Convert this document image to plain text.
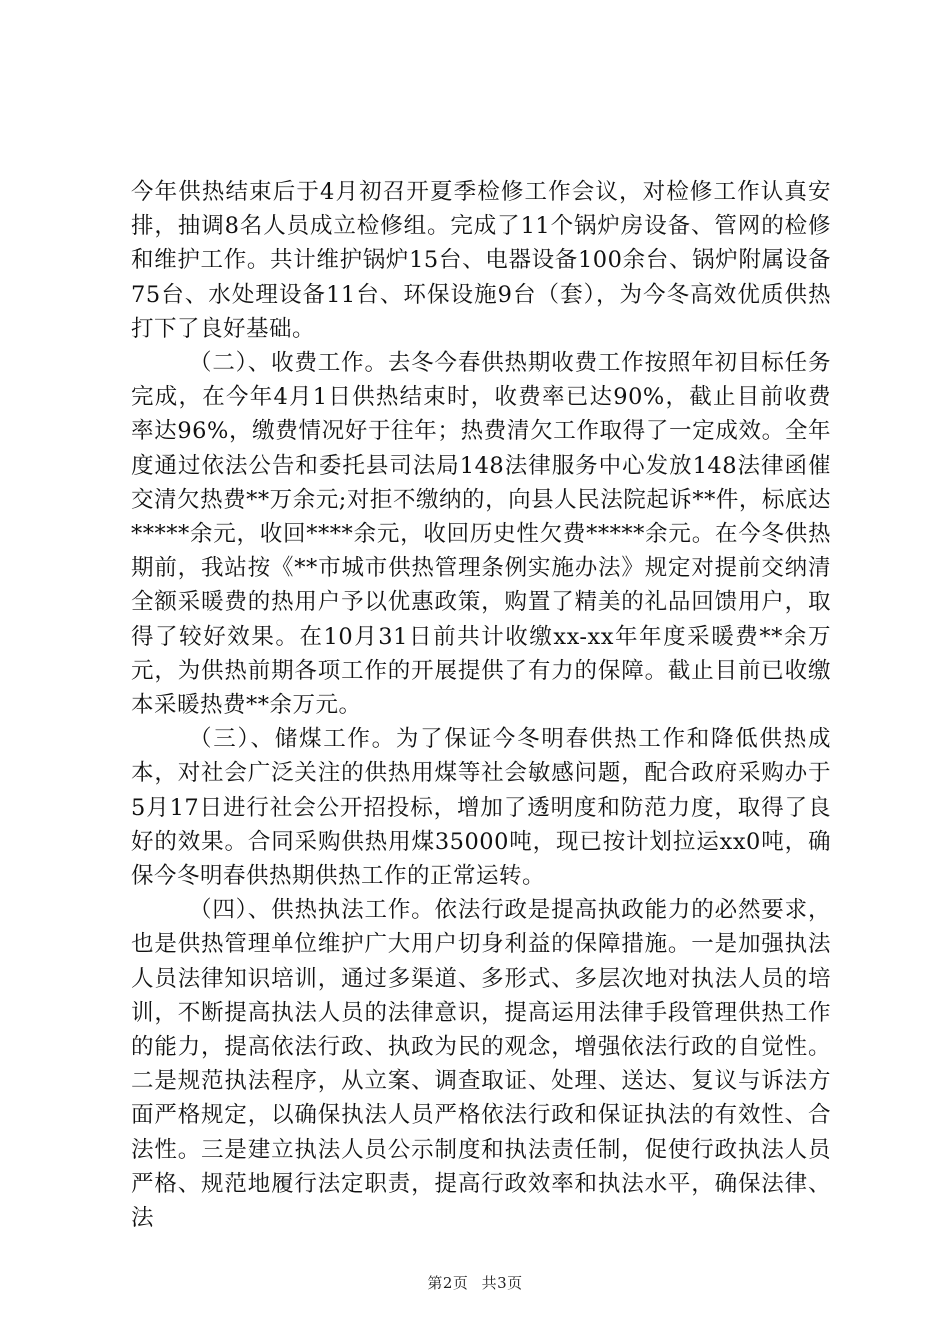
今年供热结束后于4月初召开夏季检修工作会议，对检修工作认真安排，抽调8名人员成立检修组。完成了11个锅炉房设备、管网的检修和维护工作。共计维护锅炉15台、电器设备100余台、锅炉附属设备75台、水处理设备11台、环保设施9台（套），为今冬高效优质供热打下了良好基础。

（二）、收费工作。去冬今春供热期收费工作按照年初目标任务完成，在今年4月1日供热结束时，收费率已达90%，截止目前收费率达96%，缴费情况好于往年；热费清欠工作取得了一定成效。全年度通过依法公告和委托县司法局148法律服务中心发放148法律函催交清欠热费**万余元;对拒不缴纳的，向县人民法院起诉**件，标底达*****余元，收回****余元，收回历史性欠费*****余元。在今冬供热期前，我站按《**市城市供热管理条例实施办法》规定对提前交纳清全额采暖费的热用户予以优惠政策，购置了精美的礼品回馈用户，取得了较好效果。在10月31日前共计收缴xx-xx年年度采暖费**余万元，为供热前期各项工作的开展提供了有力的保障。截止目前已收缴本采暖热费**余万元。

（三）、储煤工作。为了保证今冬明春供热工作和降低供热成本，对社会广泛关注的供热用煤等社会敏感问题，配合政府采购办于5月17日进行社会公开招投标，增加了透明度和防范力度，取得了良好的效果。合同采购供热用煤35000吨，现已按计划拉运xx0吨，确保今冬明春供热期供热工作的正常运转。

（四）、供热执法工作。依法行政是提高执政能力的必然要求，也是供热管理单位维护广大用户切身利益的保障措施。一是加强执法人员法律知识培训，通过多渠道、多形式、多层次地对执法人员的培训，不断提高执法人员的法律意识，提高运用法律手段管理供热工作的能力，提高依法行政、执政为民的观念，增强依法行政的自觉性。二是规范执法程序，从立案、调查取证、处理、送达、复议与诉法方面严格规定，以确保执法人员严格依法行政和保证执法的有效性、合法性。三是建立执法人员公示制度和执法责任制，促使行政执法人员严格、规范地履行法定职责，提高行政效率和执法水平，确保法律、法

第2页 共3页
